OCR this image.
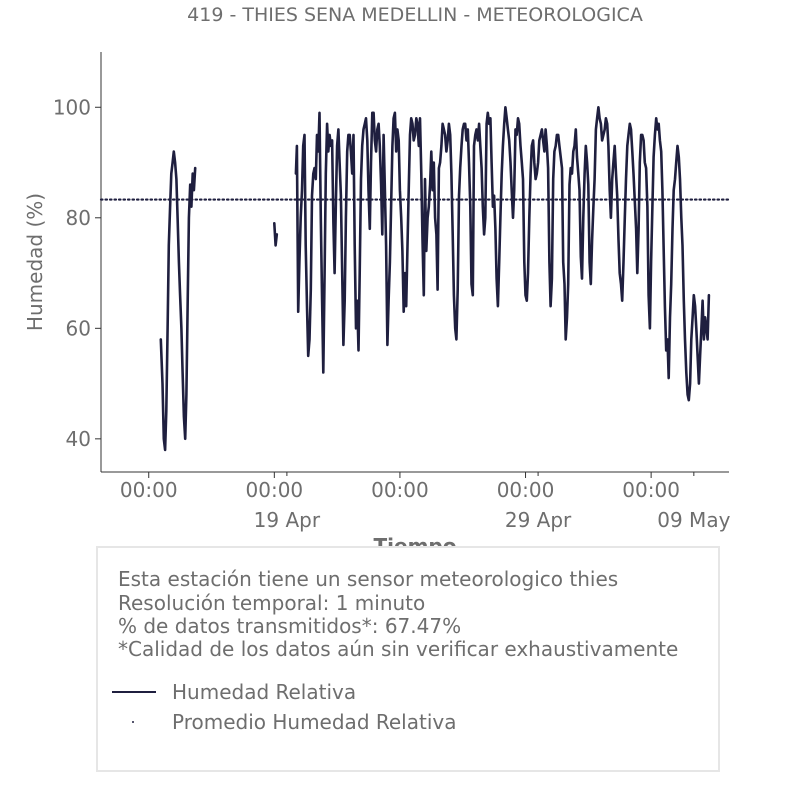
419 - THIES SENA MEDELLIN - METEOROLOGICA
40
60
80
100
00:00	00:00	00:00	00:00	00:00
19 Apr	29 Apr	09 May
Humedad (%)
Esta estación tiene un sensor meteorologico thies
Resolución temporal: 1 minuto
% de datos transmitidos*: 67.47%
*Calidad de los datos aún sin verificar exhaustivamente
Humedad Relativa
Promedio Humedad Relativa
